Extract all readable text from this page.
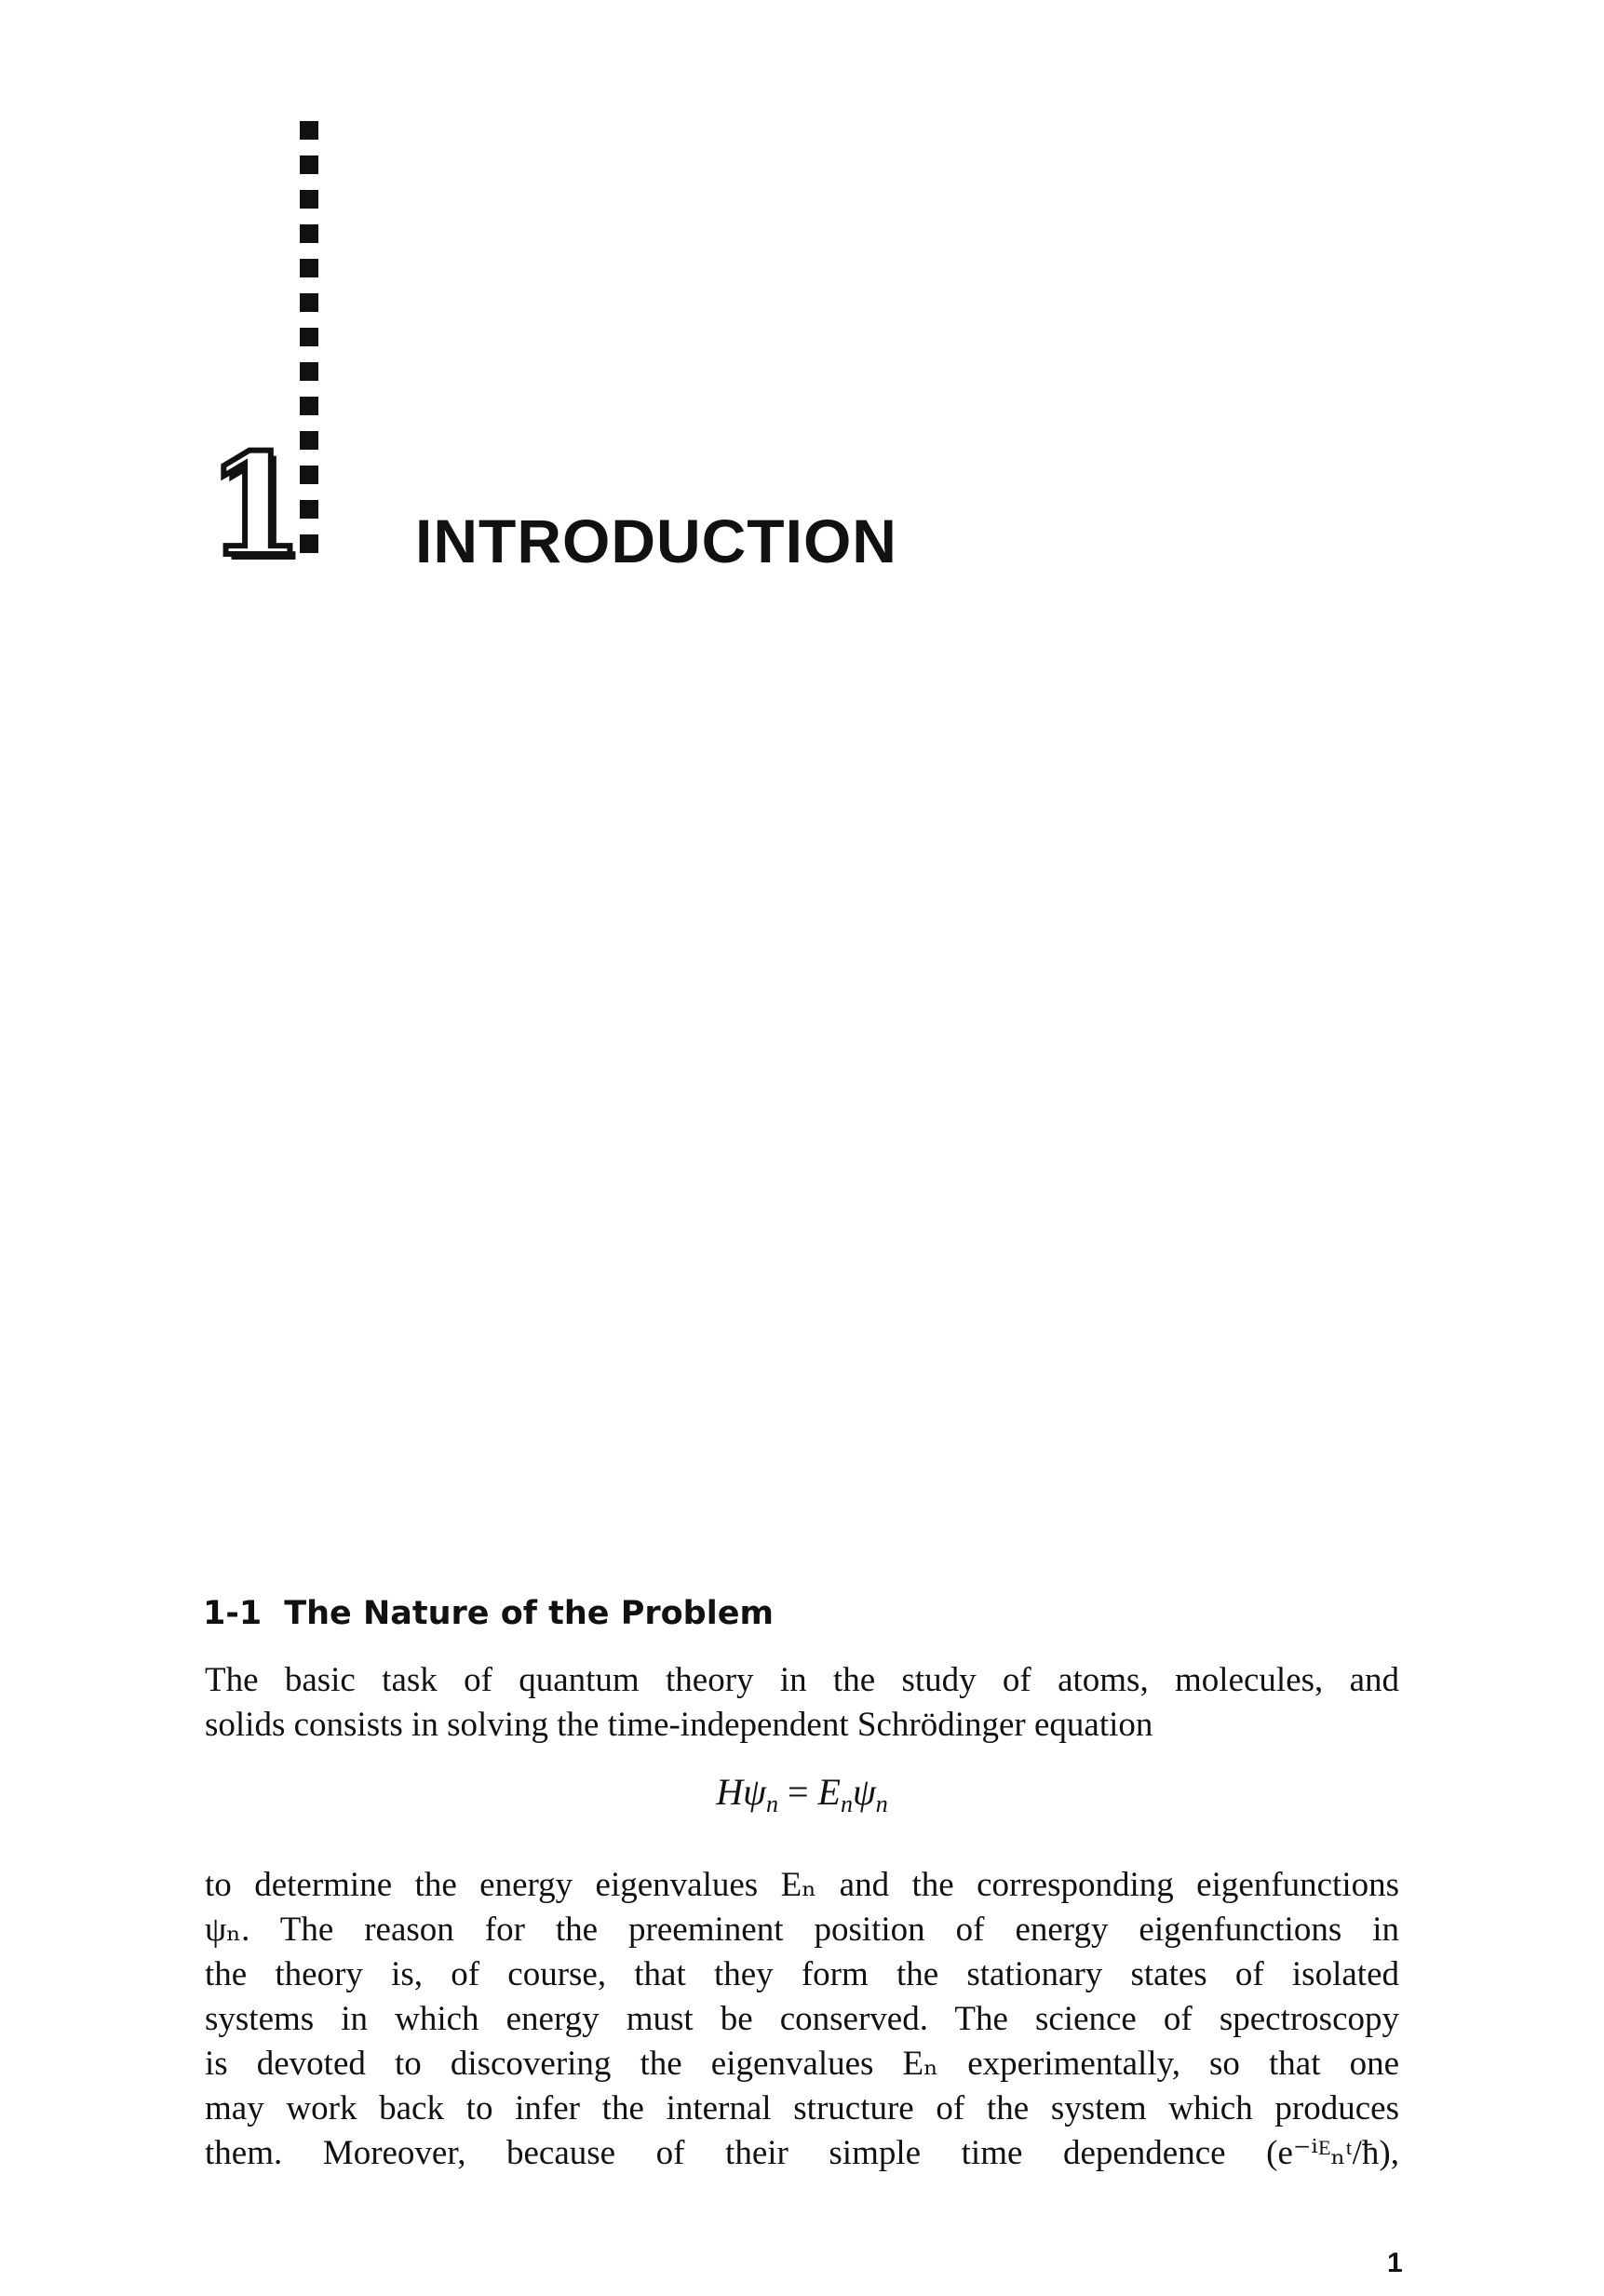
1 INTRODUCTION
1-1 The Nature of the Problem
The basic task of quantum theory in the study of atoms, molecules, and
solids consists in solving the time-independent Schrödinger equation
$H\psi_n = E_n\psi_n$
to determine the energy eigenvalues Eₙ and the corresponding eigenfunctions
ψₙ. The reason for the preeminent position of energy eigenfunctions in
the theory is, of course, that they form the stationary states of isolated
systems in which energy must be conserved. The science of spectroscopy
is devoted to discovering the eigenvalues Eₙ experimentally, so that one
may work back to infer the internal structure of the system which produces
them. Moreover, because of their simple time dependence (e⁻ⁱᴱₙᵗ/ħ),
1
